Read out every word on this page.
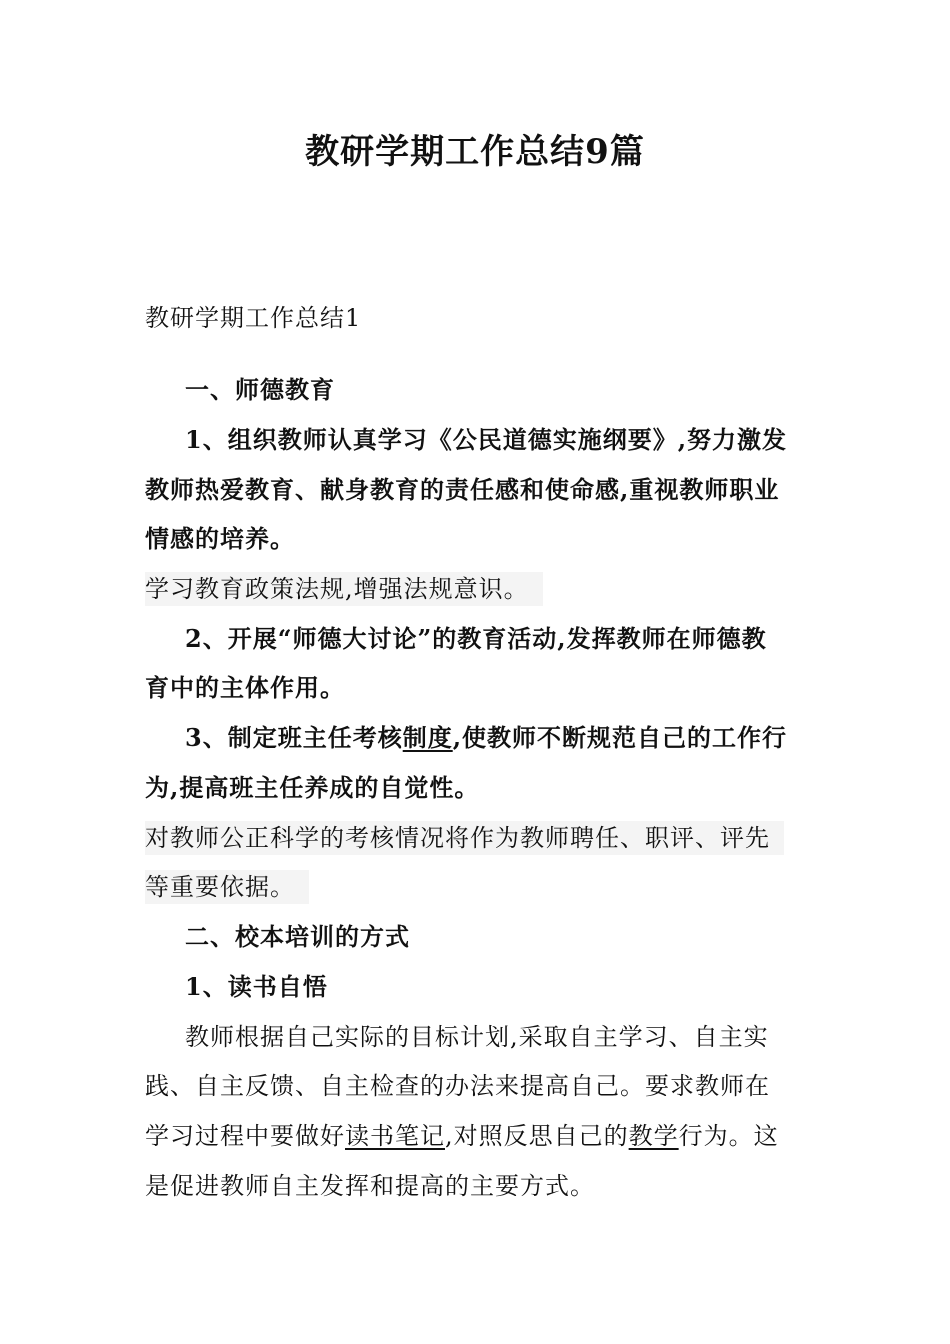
教研学期工作总结9篇
教研学期工作总结1
一、师德教育
1、组织教师认真学习《公民道德实施纲要》,努力激发
教师热爱教育、献身教育的责任感和使命感,重视教师职业
情感的培养。
学习教育政策法规,增强法规意识。
2、开展“师德大讨论”的教育活动,发挥教师在师德教
育中的主体作用。
3、制定班主任考核制度,使教师不断规范自己的工作行
为,提高班主任养成的自觉性。
对教师公正科学的考核情况将作为教师聘任、职评、评先
等重要依据。
二、校本培训的方式
1、读书自悟
教师根据自己实际的目标计划,采取自主学习、自主实
践、自主反馈、自主检查的办法来提高自己。要求教师在
学习过程中要做好读书笔记,对照反思自己的教学行为。这
是促进教师自主发挥和提高的主要方式。
